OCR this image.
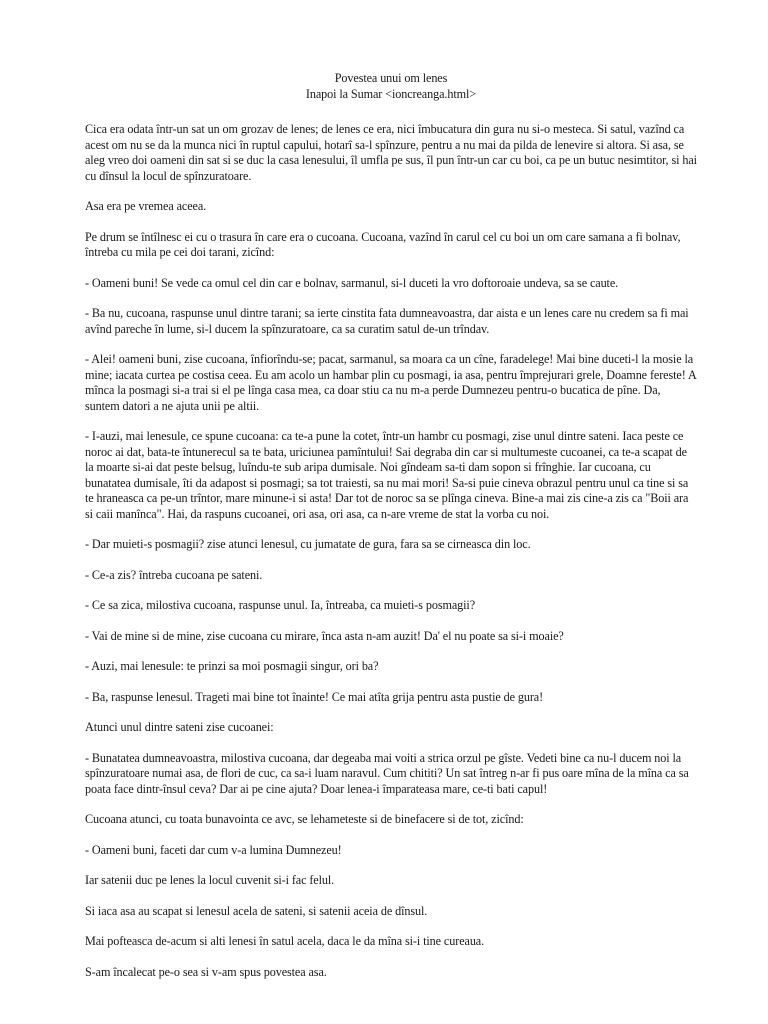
Povestea unui om lenes
Inapoi la Sumar <ioncreanga.html>

Cica era odata într-un sat un om grozav de lenes; de lenes ce era, nici îmbucatura din gura nu si-o mesteca. Si satul, vazînd ca acest om nu se da la munca nici în ruptul capului, hotarî sa-l spînzure, pentru a nu mai da pilda de lenevire si altora. Si asa, se aleg vreo doi oameni din sat si se duc la casa lenesului, îl umfla pe sus, îl pun într-un car cu boi, ca pe un butuc nesimtitor, si hai cu dînsul la locul de spînzuratoare.

Asa era pe vremea aceea.

Pe drum se întîlnesc ei cu o trasura în care era o cucoana. Cucoana, vazînd în carul cel cu boi un om care samana a fi bolnav, întreba cu mila pe cei doi tarani, zicînd:

- Oameni buni! Se vede ca omul cel din car e bolnav, sarmanul, si-l duceti la vro doftoroaie undeva, sa se caute.

- Ba nu, cucoana, raspunse unul dintre tarani; sa ierte cinstita fata dumneavoastra, dar aista e un lenes care nu credem sa fi mai avînd pareche în lume, si-l ducem la spînzuratoare, ca sa curatim satul de-un trîndav.

- Alei! oameni buni, zise cucoana, înfiorîndu-se; pacat, sarmanul, sa moara ca un cîne, faradelege! Mai bine duceti-l la mosie la mine; iacata curtea pe costisa ceea. Eu am acolo un hambar plin cu posmagi, ia asa, pentru împrejurari grele, Doamne fereste! A mînca la posmagi si-a trai si el pe lînga casa mea, ca doar stiu ca nu m-a perde Dumnezeu pentru-o bucatica de pîne. Da, suntem datori a ne ajuta unii pe altii.

- I-auzi, mai lenesule, ce spune cucoana: ca te-a pune la cotet, într-un hambr cu posmagi, zise unul dintre sateni. Iaca peste ce noroc ai dat, bata-te întunerecul sa te bata, uriciunea pamîntului! Sai degraba din car si multumeste cucoanei, ca te-a scapat de la moarte si-ai dat peste belsug, luîndu-te sub aripa dumisale. Noi gîndeam sa-ti dam sopon si frînghie. Iar cucoana, cu bunatatea dumisale, îti da adapost si posmagi; sa tot traiesti, sa nu mai mori! Sa-si puie cineva obrazul pentru unul ca tine si sa te hraneasca ca pe-un trîntor, mare minune-i si asta! Dar tot de noroc sa se plînga cineva. Bine-a mai zis cine-a zis ca "Boii ara si caii manînca". Hai, da raspuns cucoanei, ori asa, ori asa, ca n-are vreme de stat la vorba cu noi.

- Dar muieti-s posmagii? zise atunci lenesul, cu jumatate de gura, fara sa se cirneasca din loc.

- Ce-a zis? întreba cucoana pe sateni.

- Ce sa zica, milostiva cucoana, raspunse unul. Ia, întreaba, ca muieti-s posmagii?

- Vai de mine si de mine, zise cucoana cu mirare, înca asta n-am auzit! Da' el nu poate sa si-i moaie?

- Auzi, mai lenesule: te prinzi sa moi posmagii singur, ori ba?

- Ba, raspunse lenesul. Trageti mai bine tot înainte! Ce mai atîta grija pentru asta pustie de gura!

Atunci unul dintre sateni zise cucoanei:

- Bunatatea dumneavoastra, milostiva cucoana, dar degeaba mai voiti a strica orzul pe gîste. Vedeti bine ca nu-l ducem noi la spînzuratoare numai asa, de flori de cuc, ca sa-i luam naravul. Cum chititi? Un sat întreg n-ar fi pus oare mîna de la mîna ca sa poata face dintr-însul ceva? Dar ai pe cine ajuta? Doar lenea-i împarateasa mare, ce-ti bati capul!

Cucoana atunci, cu toata bunavointa ce avc, se lehameteste si de binefacere si de tot, zicînd:

- Oameni buni, faceti dar cum v-a lumina Dumnezeu!

Iar satenii duc pe lenes la locul cuvenit si-i fac felul.

Si iaca asa au scapat si lenesul acela de sateni, si satenii aceia de dînsul.

Mai pofteasca de-acum si alti lenesi în satul acela, daca le da mîna si-i tine cureaua.

S-am încalecat pe-o sea si v-am spus povestea asa.
